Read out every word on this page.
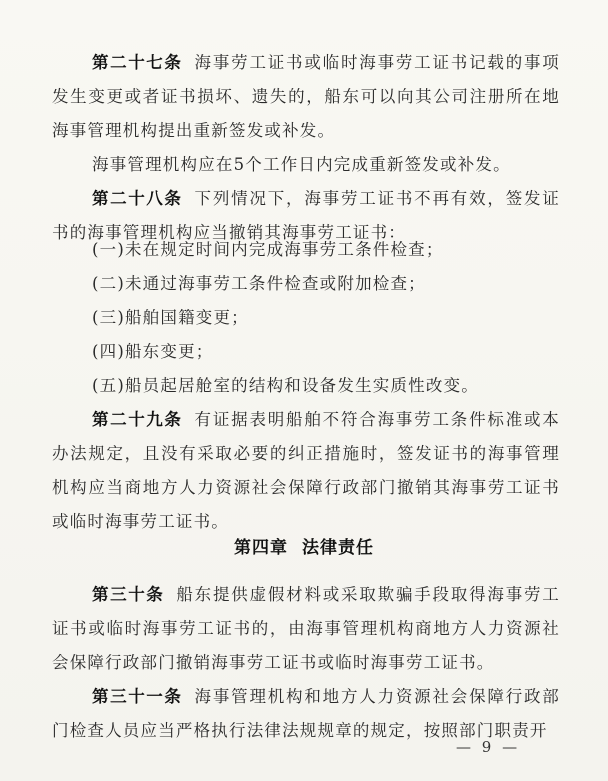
第二十七条 海事劳工证书或临时海事劳工证书记载的事项发生变更或者证书损坏、遗失的，船东可以向其公司注册所在地海事管理机构提出重新签发或补发。

海事管理机构应在5个工作日内完成重新签发或补发。

第二十八条 下列情况下，海事劳工证书不再有效，签发证书的海事管理机构应当撤销其海事劳工证书：

(一)未在规定时间内完成海事劳工条件检查；

(二)未通过海事劳工条件检查或附加检查；

(三)船舶国籍变更；

(四)船东变更；

(五)船员起居舱室的结构和设备发生实质性改变。

第二十九条 有证据表明船舶不符合海事劳工条件标准或本办法规定，且没有采取必要的纠正措施时，签发证书的海事管理机构应当商地方人力资源社会保障行政部门撤销其海事劳工证书或临时海事劳工证书。

第四章 法律责任

第三十条 船东提供虚假材料或采取欺骗手段取得海事劳工证书或临时海事劳工证书的，由海事管理机构商地方人力资源社会保障行政部门撤销海事劳工证书或临时海事劳工证书。

第三十一条 海事管理机构和地方人力资源社会保障行政部门检查人员应当严格执行法律法规规章的规定，按照部门职责开

— 9 —
